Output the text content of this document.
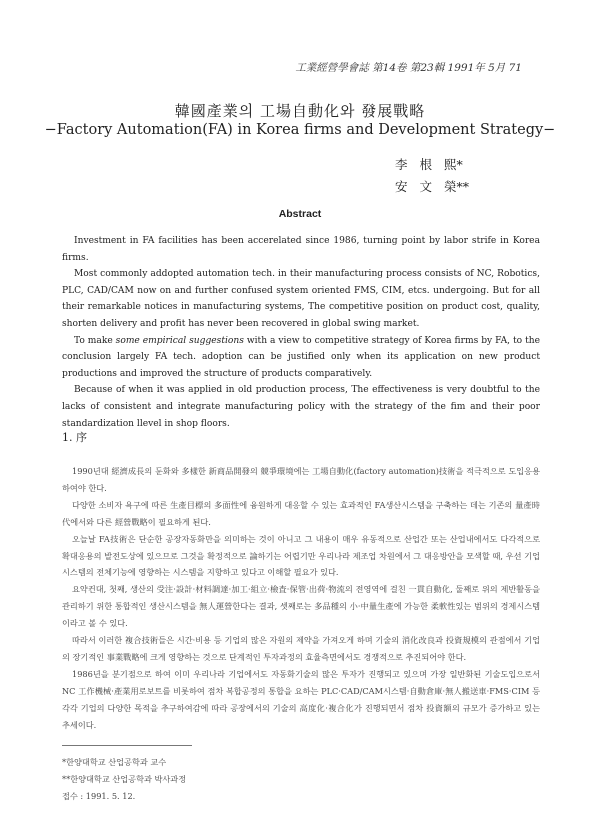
工業經營學會誌 第14卷 第23輯 1991年 5月 71
韓國產業의 工場自動化와 發展戰略
−Factory Automation(FA) in Korea firms and Development Strategy−
李 根 熙*
安 文 榮**
Abstract

Investment in FA facilities has been accerelated since 1986, turning point by labor strife in Korea firms.

Most commonly addopted automation tech. in their manufacturing process consists of NC, Robotics, PLC, CAD/CAM now on and further confused system oriented FMS, CIM, etcs. undergoing. But for all their remarkable notices in manufacturing systems, The competitive position on product cost, quality, shorten delivery and profit has never been recovered in global swing market.

To make some empirical suggestions with a view to competitive strategy of Korea firms by FA, to the conclusion largely FA tech. adoption can be justified only when its application on new product productions and improved the structure of products comparatively.

Because of when it was applied in old production process, The effectiveness is very doubtful to the lacks of consistent and integrate manufacturing policy with the strategy of the fim and their poor standardization llevel in shop floors.

1. 序

1990년대 經濟成長의 둔화와 多樣한 新商品開發의 競爭環境에는 工場自動化(factory automation)技術을 적극적으로 도입응용하여야 한다.

다양한 소비자 욕구에 따른 生產目標의 多面性에 융원하게 대응할 수 있는 효과적인 FA생산시스템을 구축하는 데는 기존의 量產時代에서와 다른 經營戰略이 필요하게 된다.

오늘날 FA技術은 단순한 공장자동화만을 의미하는 것이 아니고 그 내용이 매우 유동적으로 산업간 또는 산업내에서도 다각적으로 확대응용의 발전도상에 있으므로 그것을 확정적으로 論하기는 어렵기만 우리나라 제조업 차원에서 그 대응방안을 모색할 때, 우선 기업시스템의 전체기능에 영향하는 시스템을 지향하고 있다고 이해할 필요가 있다.

요약컨대, 첫째, 생산의 受注·設計·材料調達·加工·組立·檢査·保管·出荷·物流의 전영역에 걸친 一貫自動化, 둘째로 위의 제반활동을 관리하기 위한 통합적인 생산시스템을 無人運營한다는 결과, 셋째로는 多品種의 小·中量生產에 가능한 柔軟性있는 범위의 경제시스템이라고 볼 수 있다.

따라서 이러한 複合技術들은 시간·비용 등 기업의 많은 자원의 제약을 가져오게 하며 기술의 消化改良과 投資規模의 관점에서 기업의 장기적인 事業戰略에 크게 영향하는 것으로 단계적인 투자과정의 효율측면에서도 경쟁적으로 추진되어야 한다.

1986년을 분기점으로 하여 이미 우리나라 기업에서도 자동화기술의 많은 투자가 진행되고 있으며 가장 일반화된 기술도입으로서 NC 工作機械·產業用로보트를 비롯하여 점차 복합공정의 통합을 요하는 PLC·CAD/CAM시스템·自動倉庫·無人搬送車·FMS·CIM 등 각각 기업의 다양한 목적을 추구하여감에 따라 공장에서의 기술의 高度化·複合化가 진행되면서 점차 投資額의 규모가 증가하고 있는 추세이다.

*한양대학교 산업공학과 교수
**한양대학교 산업공학과 박사과정
접수 : 1991. 5. 12.
